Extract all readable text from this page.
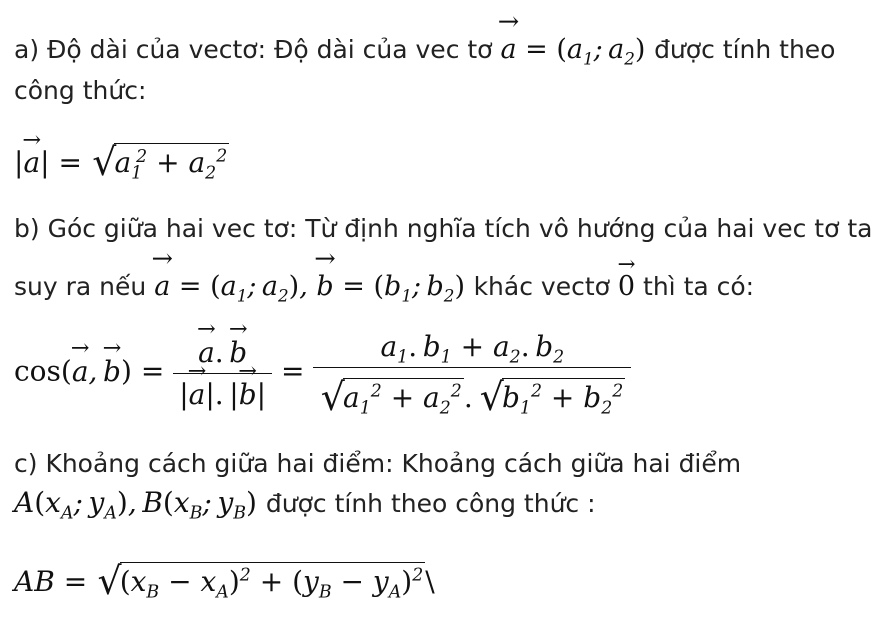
a) Độ dài của vectơ: Độ dài của vec tơ
→
$a = (a_1$; $a_2$) được tính theo
công thức:
|
→
$a| = √a_1^2 + a_2^2$
b) Góc giữa hai vec tơ: Từ định nghĩa tích vô hướng của hai vec tơ ta
suy ra nếu
→
$a = (a_1$; $a_2$),
→
$b = (b_1$; $b_2$) khác vectơ
→
0 thì ta có:
cos(
→
a, 
→
b) = →
a. 
→
b
|
→
a|.  |
→
$b| = \frac{a_1. b_1 + a_2. b_2}{√a_1^2 + a_2^2. √b_1^2 + b_2^2}$
c) Khoảng cách giữa hai điểm: Khoảng cách giữa hai điểm
$A(x_A$; $y_A$), $B(x_B$; $y_B$) được tính theo công thức :
AB = $√(x_B - x_A)^2 + (y_B$ − $y_A)^2\backslash$
